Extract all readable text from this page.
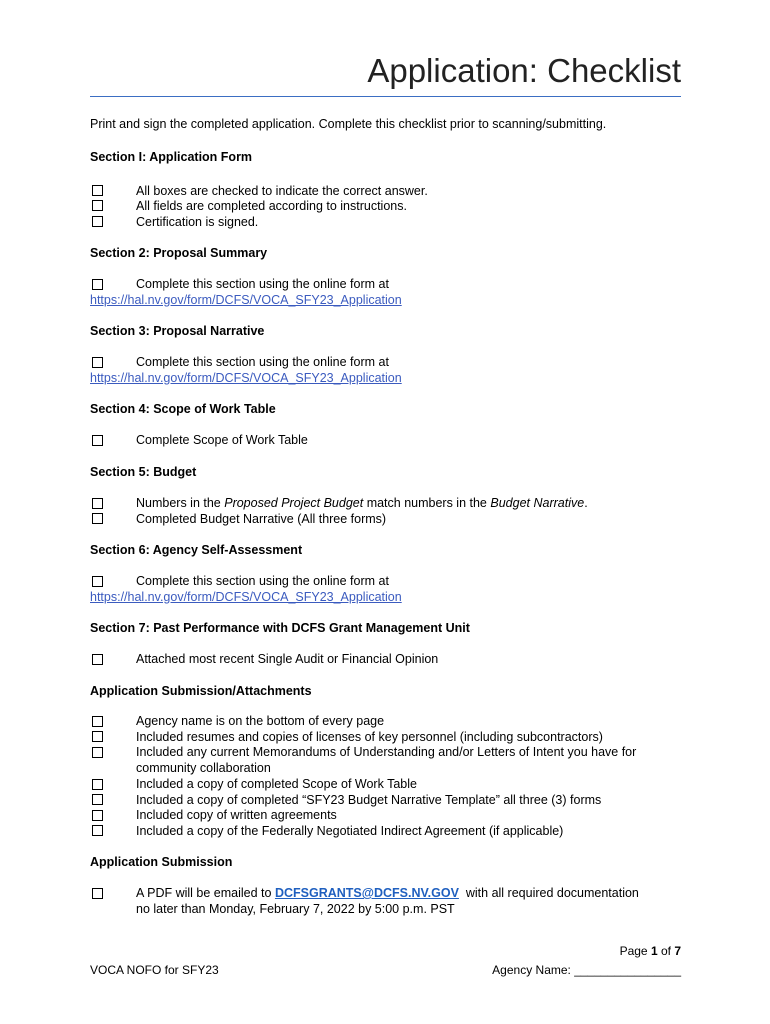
Application: Checklist
Print and sign the completed application. Complete this checklist prior to scanning/submitting.
Section I: Application Form
All boxes are checked to indicate the correct answer.
All fields are completed according to instructions.
Certification is signed.
Section 2: Proposal Summary
Complete this section using the online form at
https://hal.nv.gov/form/DCFS/VOCA_SFY23_Application
Section 3: Proposal Narrative
Complete this section using the online form at
https://hal.nv.gov/form/DCFS/VOCA_SFY23_Application
Section 4: Scope of Work Table
Complete Scope of Work Table
Section 5: Budget
Numbers in the Proposed Project Budget match numbers in the Budget Narrative.
Completed Budget Narrative (All three forms)
Section 6: Agency Self-Assessment
Complete this section using the online form at
https://hal.nv.gov/form/DCFS/VOCA_SFY23_Application
Section 7: Past Performance with DCFS Grant Management Unit
Attached most recent Single Audit or Financial Opinion
Application Submission/Attachments
Agency name is on the bottom of every page
Included resumes and copies of licenses of key personnel (including subcontractors)
Included any current Memorandums of Understanding and/or Letters of Intent you have for
community collaboration
Included a copy of completed Scope of Work Table
Included a copy of completed “SFY23 Budget Narrative Template” all three (3) forms
Included copy of written agreements
Included a copy of the Federally Negotiated Indirect Agreement (if applicable)
Application Submission
A PDF will be emailed to DCFSGRANTS@DCFS.NV.GOV  with all required documentation
no later than Monday, February 7, 2022 by 5:00 p.m. PST
Page 1 of 7
VOCA NOFO for SFY23	Agency Name: ________________
